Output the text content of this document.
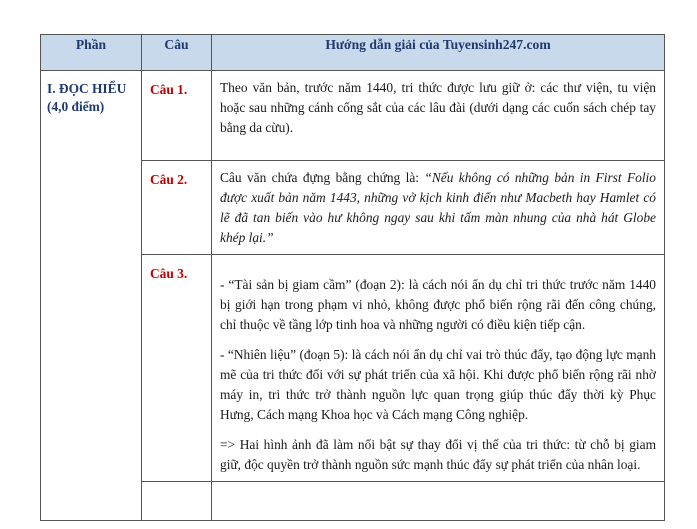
Phần	Câu	Hướng dẫn giải của Tuyensinh247.com

I. ĐỌC HIỂU
(4,0 điểm)	Câu 1.	Theo văn bản, trước năm 1440, tri thức được lưu giữ ở: các thư viện, tu viện hoặc sau những cánh cổng sắt của các lâu đài (dưới dạng các cuốn sách chép tay bằng da cừu).

	Câu 2.	Câu văn chứa đựng bằng chứng là: “Nếu không có những bản in First Folio được xuất bản năm 1443, những vở kịch kinh điển như Macbeth hay Hamlet có lẽ đã tan biến vào hư không ngay sau khi tấm màn nhung của nhà hát Globe khép lại.”

	Câu 3.	- “Tài sản bị giam cầm” (đoạn 2): là cách nói ẩn dụ chỉ tri thức trước năm 1440 bị giới hạn trong phạm vi nhỏ, không được phổ biến rộng rãi đến công chúng, chỉ thuộc về tầng lớp tinh hoa và những người có điều kiện tiếp cận.

- “Nhiên liệu” (đoạn 5): là cách nói ẩn dụ chỉ vai trò thúc đẩy, tạo động lực mạnh mẽ của tri thức đối với sự phát triển của xã hội. Khi được phổ biến rộng rãi nhờ máy in, tri thức trở thành nguồn lực quan trọng giúp thúc đẩy thời kỳ Phục Hưng, Cách mạng Khoa học và Cách mạng Công nghiệp.

=> Hai hình ảnh đã làm nổi bật sự thay đổi vị thế của tri thức: từ chỗ bị giam giữ, độc quyền trở thành nguồn sức mạnh thúc đẩy sự phát triển của nhân loại.
